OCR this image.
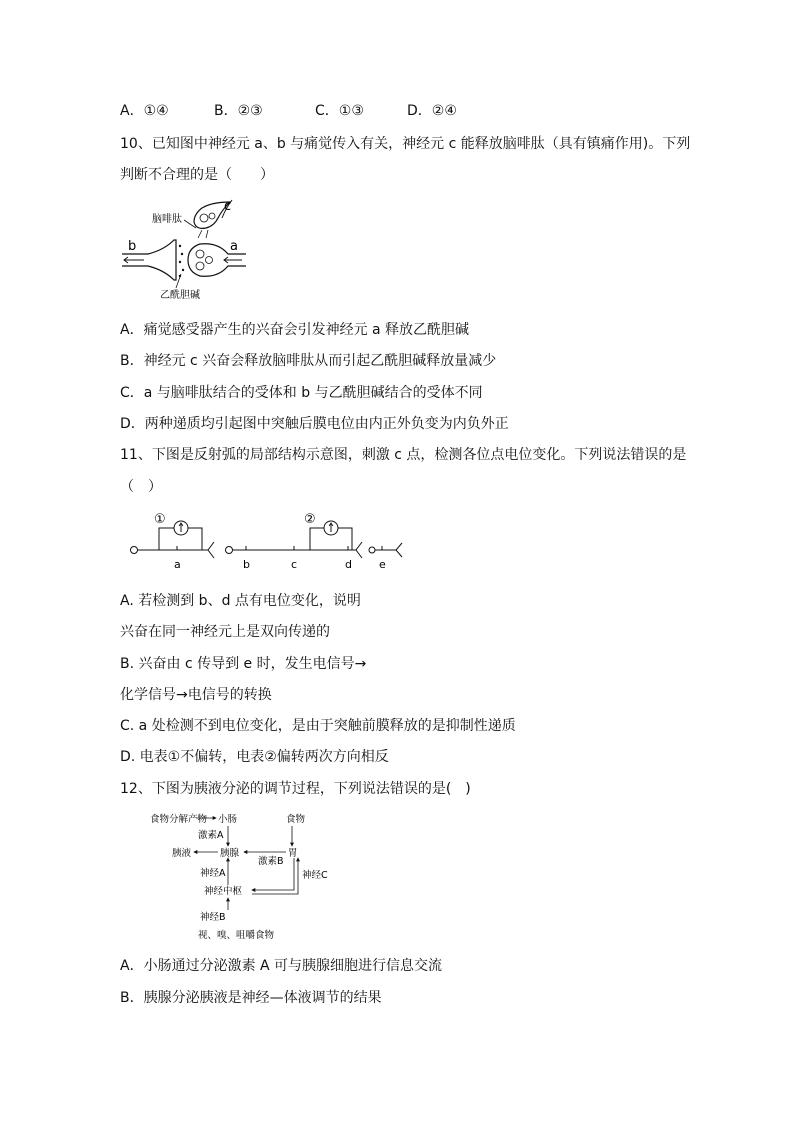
A．①④	B．②③	C．①③	D．②④
10、已知图中神经元 a、b 与痛觉传入有关，神经元 c 能释放脑啡肽（具有镇痛作用)。下列
判断不合理的是（　　）
c
脑啡肽
b	a
乙酰胆碱
A．痛觉感受器产生的兴奋会引发神经元 a 释放乙酰胆碱
B．神经元 c 兴奋会释放脑啡肽从而引起乙酰胆碱释放量减少
C．a 与脑啡肽结合的受体和 b 与乙酰胆碱结合的受体不同
D．两种递质均引起图中突触后膜电位由内正外负变为内负外正
11、下图是反射弧的局部结构示意图，刺激 c 点，检测各位点电位变化。下列说法错误的是
（　）
①	②
a	b	c	d e
A. 若检测到 b、d 点有电位变化，说明
兴奋在同一神经元上是双向传递的
B. 兴奋由 c 传导到 e 时，发生电信号→
化学信号→电信号的转换
C. a 处检测不到电位变化，是由于突触前膜释放的是抑制性递质
D. 电表①不偏转，电表②偏转两次方向相反
12、下图为胰液分泌的调节过程，下列说法错误的是(　)
食物分解产物 小肠	食物
激素A
胰液	胰腺	胃
激素B
神经A	神经C
神经中枢
神经B
视、嗅、咀嚼食物
A．小肠通过分泌激素 A 可与胰腺细胞进行信息交流
B．胰腺分泌胰液是神经—体液调节的结果
